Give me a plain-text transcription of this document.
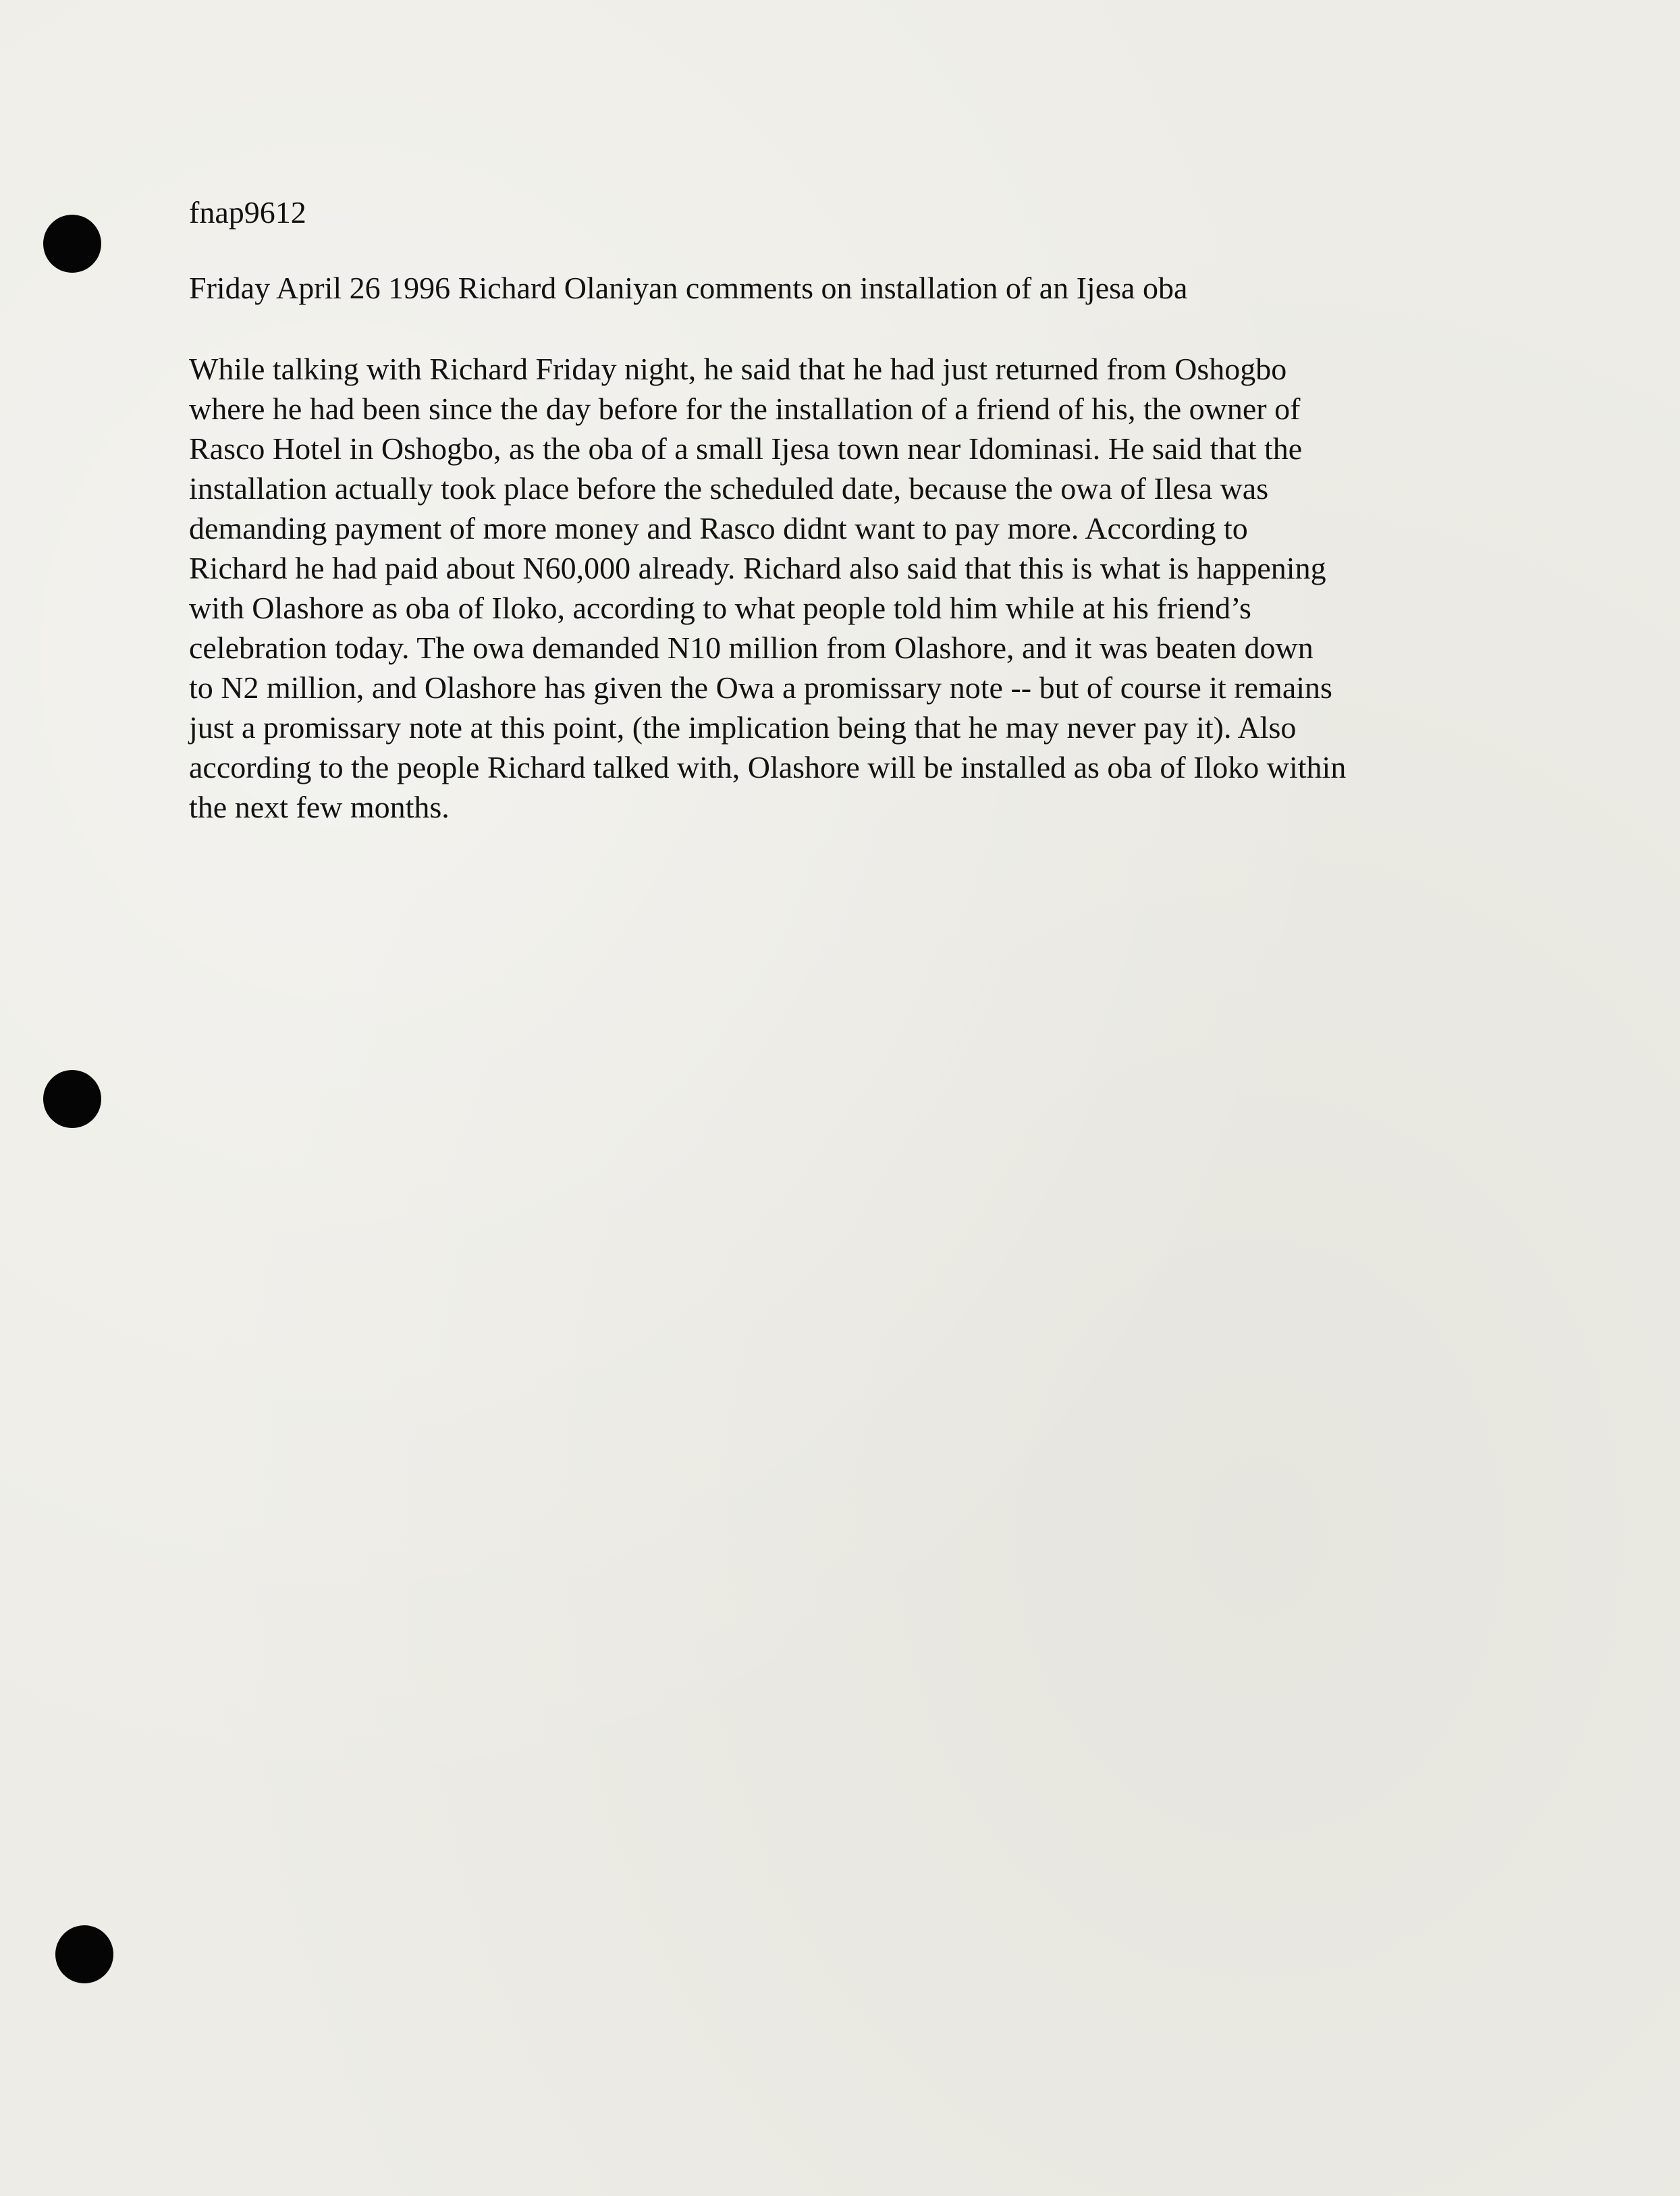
fnap9612
Friday April 26 1996 Richard Olaniyan comments on installation of an Ijesa oba
While talking with Richard Friday night, he said that he had just returned from Oshogbo
where he had been since the day before for the installation of a friend of his, the owner of
Rasco Hotel in Oshogbo, as the oba of a small Ijesa town near Idominasi. He said that the
installation actually took place before the scheduled date, because the owa of Ilesa was
demanding payment of more money and Rasco didnt want to pay more. According to
Richard he had paid about N60,000 already. Richard also said that this is what is happening
with Olashore as oba of Iloko, according to what people told him while at his friend’s
celebration today. The owa demanded N10 million from Olashore, and it was beaten down
to N2 million, and Olashore has given the Owa a promissary note -- but of course it remains
just a promissary note at this point, (the implication being that he may never pay it). Also
according to the people Richard talked with, Olashore will be installed as oba of Iloko within
the next few months.
